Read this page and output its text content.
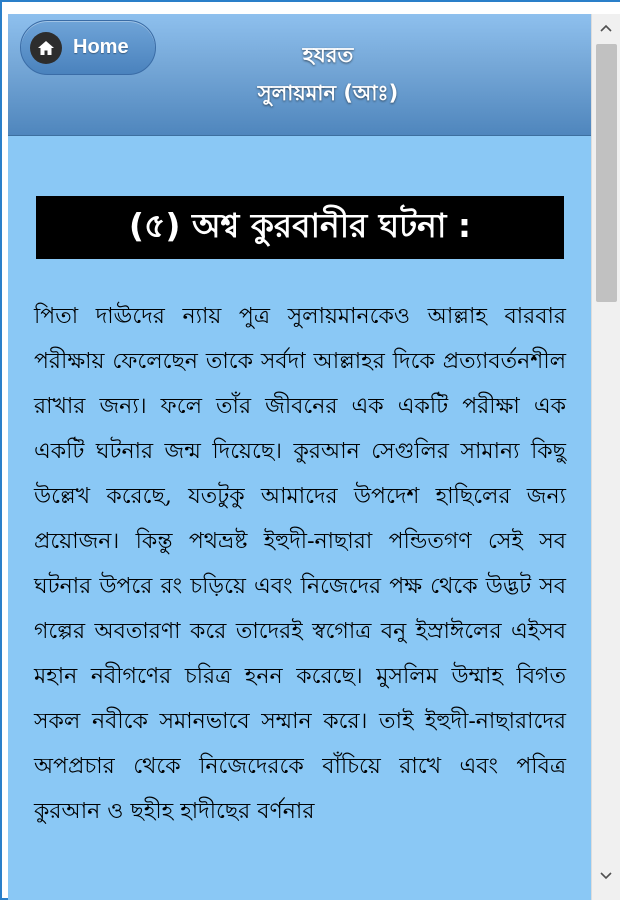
Home	হযরত
সুলায়মান (আঃ)
(৫) অশ্ব কুরবানীর ঘটনা :

পিতা দাঊদের ন্যায় পুত্র সুলায়মানকেও আল্লাহ বারবার পরীক্ষায় ফেলেছেন তাকে সর্বদা আল্লাহর দিকে প্রত্যাবর্তনশীল রাখার জন্য। ফলে তাঁর জীবনের এক একটি পরীক্ষা এক একটি ঘটনার জন্ম দিয়েছে। কুরআন সেগুলির সামান্য কিছু উল্লেখ করেছে, যতটুকু আমাদের উপদেশ হাছিলের জন্য প্রয়োজন। কিন্তু পথভ্রষ্ট ইহুদী-নাছারা পন্ডিতগণ সেই সব ঘটনার উপরে রং চড়িয়ে এবং নিজেদের পক্ষ থেকে উদ্ভট সব গল্পের অবতারণা করে তাদেরই স্বগোত্র বনু ইস্রাঈলের এইসব মহান নবীগণের চরিত্র হনন করেছে। মুসলিম উম্মাহ বিগত সকল নবীকে সমানভাবে সম্মান করে। তাই ইহুদী-নাছারাদের অপপ্রচার থেকে নিজেদেরকে বাঁচিয়ে রাখে এবং পবিত্র কুরআন ও ছহীহ হাদীছের বর্ণনার
